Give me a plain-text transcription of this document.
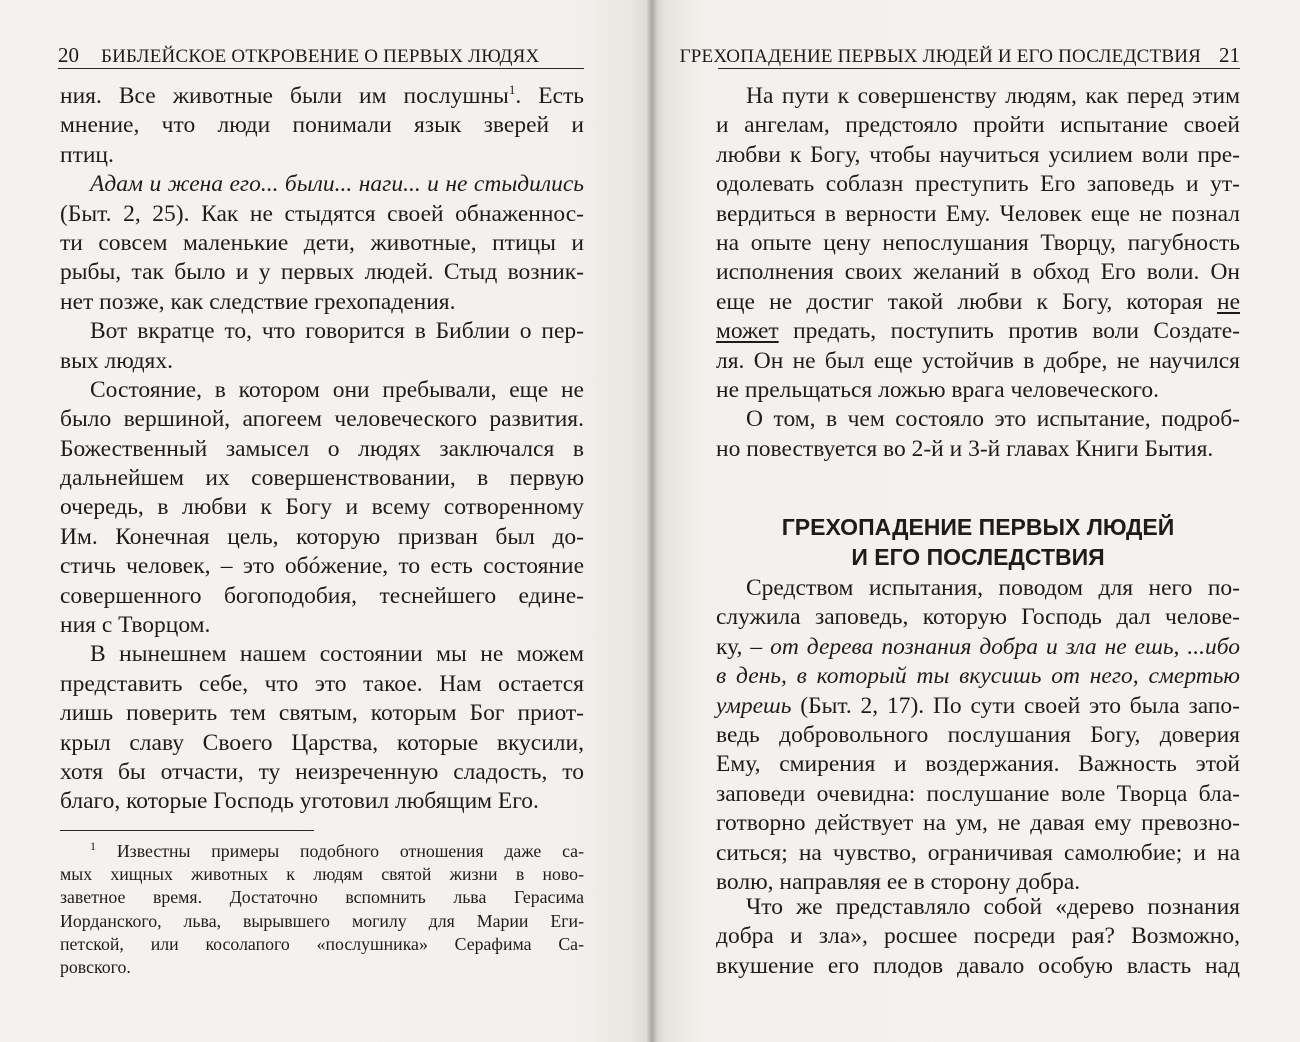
20 БИБЛЕЙСКОЕ ОТКРОВЕНИЕ О ПЕРВЫХ ЛЮДЯХ
ния. Все животные были им послушны$^1$. Есть
мнение, что люди понимали язык зверей и
птиц.
Адам и жена его... были... наги... и не стыдились
(Быт. 2, 25). Как не стыдятся своей обнаженнос-
ти совсем маленькие дети, животные, птицы и
рыбы, так было и у первых людей. Стыд возник-
нет позже, как следствие грехопадения.
Вот вкратце то, что говорится в Библии о пер-
вых людях.
Состояние, в котором они пребывали, еще не
было вершиной, апогеем человеческого развития.
Божественный замысел о людях заключался в
дальнейшем их совершенствовании, в первую
очередь, в любви к Богу и всему сотворенному
Им. Конечная цель, которую призван был до-
стичь человек, – это обóжение, то есть состояние
совершенного богоподобия, теснейшего едине-
ния с Творцом.
В нынешнем нашем состоянии мы не можем
представить себе, что это такое. Нам остается
лишь поверить тем святым, которым Бог приот-
крыл славу Своего Царства, которые вкусили,
хотя бы отчасти, ту неизреченную сладость, то
благо, которые Господь уготовил любящим Его.
$^1$ Известны примеры подобного отношения даже са-
мых хищных животных к людям святой жизни в ново-
заветное время. Достаточно вспомнить льва Герасима
Иорданского, льва, вырывшего могилу для Марии Еги-
петской, или косолапого «послушника» Серафима Са-
ровского.
ГРЕХОПАДЕНИЕ ПЕРВЫХ ЛЮДЕЙ И ЕГО ПОСЛЕДСТВИЯ 21
На пути к совершенству людям, как перед этим
и ангелам, предстояло пройти испытание своей
любви к Богу, чтобы научиться усилием воли пре-
одолевать соблазн преступить Его заповедь и ут-
вердиться в верности Ему. Человек еще не познал
на опыте цену непослушания Творцу, пагубность
исполнения своих желаний в обход Его воли. Он
еще не достиг такой любви к Богу, которая не
может предать, поступить против воли Создате-
ля. Он не был еще устойчив в добре, не научился
не прельщаться ложью врага человеческого.
О том, в чем состояло это испытание, подроб-
но повествуется во 2-й и 3-й главах Книги Бытия.
ГРЕХОПАДЕНИЕ ПЕРВЫХ ЛЮДЕЙ
И ЕГО ПОСЛЕДСТВИЯ
Средством испытания, поводом для него по-
служила заповедь, которую Господь дал челове-
ку, – от дерева познания добра и зла не ешь, ...ибо
в день, в который ты вкусишь от него, смертью
умрешь (Быт. 2, 17). По сути своей это была запо-
ведь добровольного послушания Богу, доверия
Ему, смирения и воздержания. Важность этой
заповеди очевидна: послушание воле Творца бла-
готворно действует на ум, не давая ему превозно-
ситься; на чувство, ограничивая самолюбие; и на
волю, направляя ее в сторону добра.
Что же представляло собой «дерево познания
добра и зла», росшее посреди рая? Возможно,
вкушение его плодов давало особую власть над
